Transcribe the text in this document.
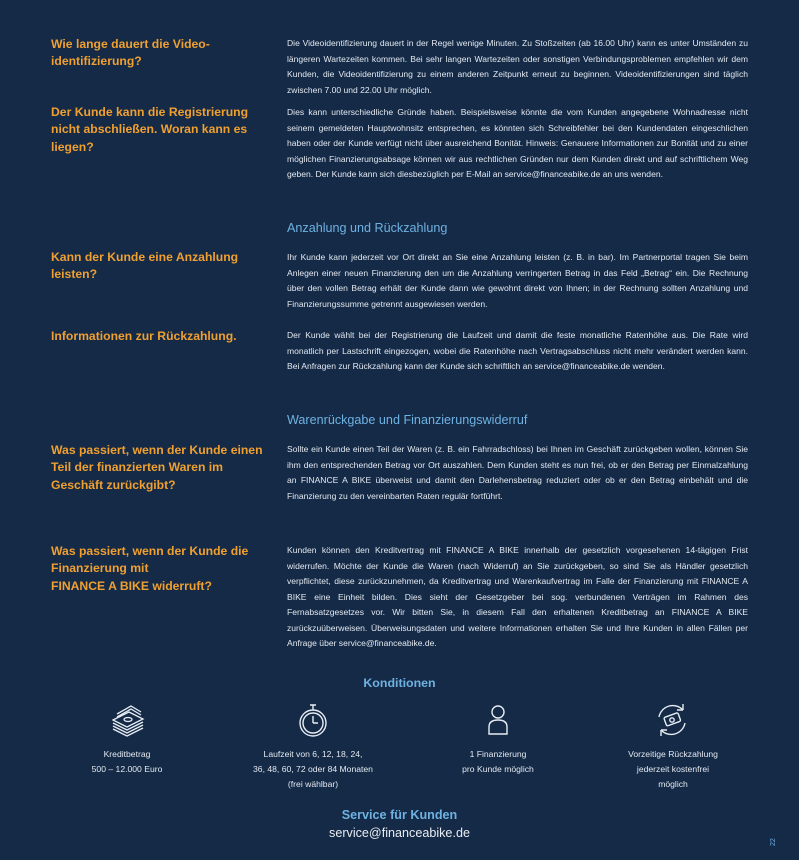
Wie lange dauert die Video-
identifizierung?
Die Videoidentifizierung dauert in der Regel wenige Minuten. Zu Stoßzeiten (ab 16.00 Uhr) kann es unter Umständen zu längeren Wartezeiten kommen. Bei sehr langen Wartezeiten oder sonstigen Verbindungsproblemen empfehlen wir dem Kunden, die Videoidentifizierung zu einem anderen Zeitpunkt erneut zu beginnen. Videoidentifizierungen sind täglich zwischen 7.00 und 22.00 Uhr möglich.
Der Kunde kann die Registrierung nicht abschließen. Woran kann es liegen?
Dies kann unterschiedliche Gründe haben. Beispielsweise könnte die vom Kunden angegebene Wohnadresse nicht seinem gemeldeten Hauptwohnsitz entsprechen, es könnten sich Schreibfehler bei den Kundendaten eingeschlichen haben oder der Kunde verfügt nicht über ausreichend Bonität. Hinweis: Genauere Informationen zur Bonität und zu einer möglichen Finanzierungsabsage können wir aus rechtlichen Gründen nur dem Kunden direkt und auf schriftlichem Weg geben. Der Kunde kann sich diesbezüglich per E-Mail an service@financeabike.de an uns wenden.
Anzahlung und Rückzahlung
Kann der Kunde eine Anzahlung leisten?
Ihr Kunde kann jederzeit vor Ort direkt an Sie eine Anzahlung leisten (z. B. in bar). Im Partnerportal tragen Sie beim Anlegen einer neuen Finanzierung den um die Anzahlung verringerten Betrag in das Feld „Betrag“ ein. Die Rechnung über den vollen Betrag erhält der Kunde dann wie gewohnt direkt von Ihnen; in der Rechnung sollten Anzahlung und Finanzierungssumme getrennt ausgewiesen werden.
Informationen zur Rückzahlung.	Der Kunde wählt bei der Registrierung die Laufzeit und damit die feste monatliche Ratenhöhe aus. Die Rate wird monatlich per Lastschrift eingezogen, wobei die Ratenhöhe nach Vertragsabschluss nicht mehr verändert werden kann. Bei Anfragen zur Rückzahlung kann der Kunde sich schriftlich an service@financeabike.de wenden.
Warenrückgabe und Finanzierungswiderruf
Was passiert, wenn der Kunde einen Teil der finanzierten Waren im Geschäft zurückgibt?
Sollte ein Kunde einen Teil der Waren (z. B. ein Fahrradschloss) bei Ihnen im Geschäft zurückgeben wollen, können Sie ihm den entsprechenden Betrag vor Ort auszahlen. Dem Kunden steht es nun frei, ob er den Betrag per Einmalzahlung an FINANCE A BIKE überweist und damit den Darlehensbetrag reduziert oder ob er den Betrag einbehält und die Finanzierung zu den vereinbarten Raten regulär fortführt.
Was passiert, wenn der Kunde die Finanzierung mit
FINANCE A BIKE widerruft?
Kunden können den Kreditvertrag mit FINANCE A BIKE innerhalb der gesetzlich vorgesehenen 14-tägigen Frist widerrufen. Möchte der Kunde die Waren (nach Widerruf) an Sie zurückgeben, so sind Sie als Händler gesetzlich verpflichtet, diese zurückzunehmen, da Kreditvertrag und Warenkaufvertrag im Falle der Finanzierung mit FINANCE A BIKE eine Einheit bilden. Dies sieht der Gesetzgeber bei sog. verbundenen Verträgen im Rahmen des Fernabsatzgesetzes vor. Wir bitten Sie, in diesem Fall den erhaltenen Kreditbetrag an FINANCE A BIKE zurückzuüberweisen. Überweisungsdaten und weitere Informationen erhalten Sie und Ihre Kunden in allen Fällen per Anfrage über service@financeabike.de.
Konditionen
Kreditbetrag
500 – 12.000 Euro
Laufzeit von 6, 12, 18, 24,
36, 48, 60, 72 oder 84 Monaten
(frei wählbar)
1 Finanzierung
pro Kunde möglich
Vorzeitige Rückzahlung
jederzeit kostenfrei
möglich
Service für Kunden
service@financeabike.de
22
